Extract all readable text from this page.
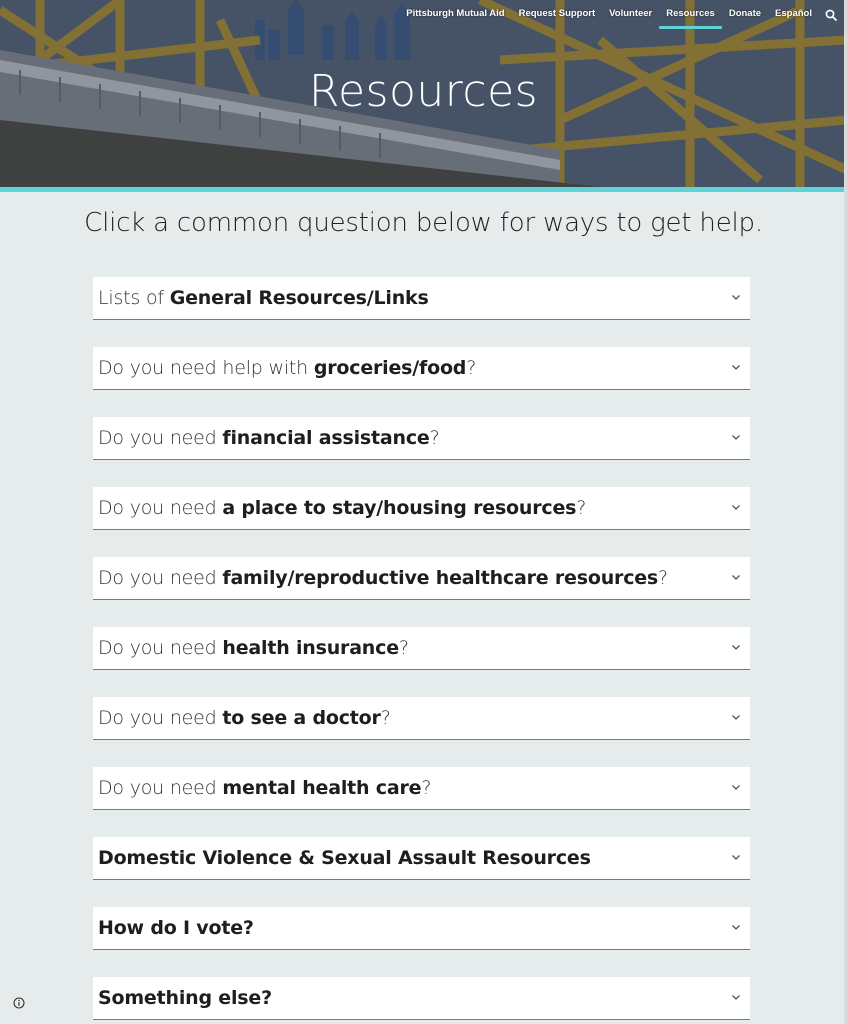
Resources
Pittsburgh Mutual Aid	Request Support	Volunteer	Resources	Donate	Español
Click a common question below for ways to get help.
Lists of General Resources/Links
Do you need help with groceries/food?
Do you need financial assistance?
Do you need a place to stay/housing resources?
Do you need family/reproductive healthcare resources?
Do you need health insurance?
Do you need to see a doctor?
Do you need mental health care?
Domestic Violence & Sexual Assault Resources
How do I vote?
Something else?
